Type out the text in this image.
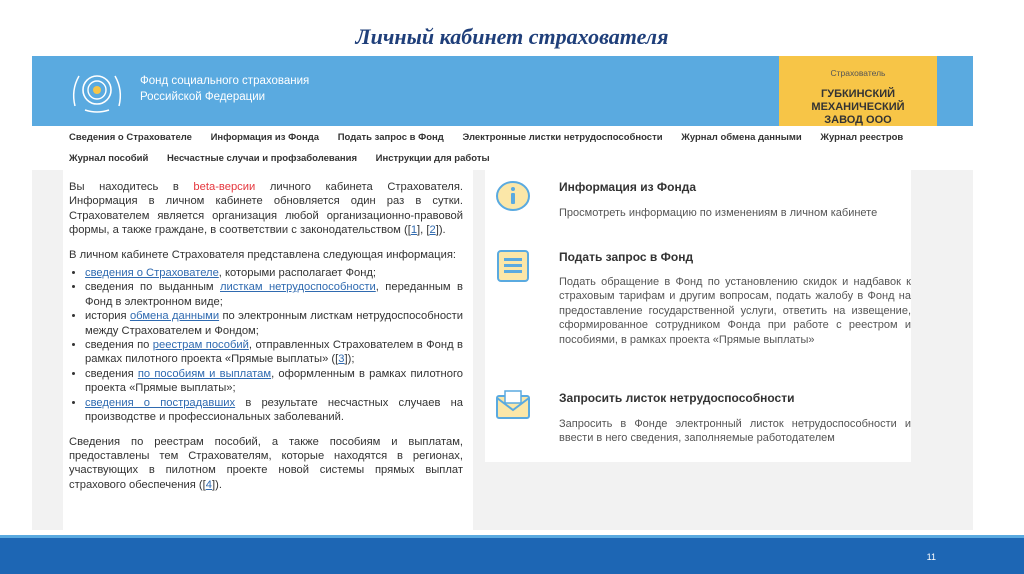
Личный кабинет страхователя
Фонд социального страхования
Российской Федерации
Страхователь
ГУБКИНСКИЙ МЕХАНИЧЕСКИЙ ЗАВОД ООО
Сведения о Страхователе Информация из Фонда Подать запрос в Фонд Электронные листки нетрудоспособности Журнал обмена данными Журнал реестров
Журнал пособий Несчастные случаи и профзаболевания Инструкции для работы

Вы находитесь в beta-версии личного кабинета Страхователя. Информация в личном кабинете обновляется один раз в сутки. Страхователем является организация любой организационно-правовой формы, а также граждане, в соответствии с законодательством ([1], [2]).

В личном кабинете Страхователя представлена следующая информация:

• сведения о Страхователе, которыми располагает Фонд;
• сведения по выданным листкам нетрудоспособности, переданным в Фонд в электронном виде;
• история обмена данными по электронным листкам нетрудоспособности между Страхователем и Фондом;
• сведения по реестрам пособий, отправленных Страхователем в Фонд в рамках пилотного проекта «Прямые выплаты» ([3]);
• сведения по пособиям и выплатам, оформленным в рамках пилотного проекта «Прямые выплаты»;
• сведения о пострадавших в результате несчастных случаев на производстве и профессиональных заболеваний.

Сведения по реестрам пособий, а также пособиям и выплатам, предоставлены тем Страхователям, которые находятся в регионах, участвующих в пилотном проекте новой системы прямых выплат страхового обеспечения ([4]).

Информация из Фонда
Просмотреть информацию по изменениям в личном кабинете
Подать запрос в Фонд
Подать обращение в Фонд по установлению скидок и надбавок к страховым тарифам и другим вопросам, подать жалобу в Фонд на предоставление государственной услуги, ответить на извещение, сформированное сотрудником Фонда при работе с реестром и пособиями, в рамках проекта «Прямые выплаты»
Запросить листок нетрудоспособности
Запросить в Фонде электронный листок нетрудоспособности и ввести в него сведения, заполняемые работодателем
11
